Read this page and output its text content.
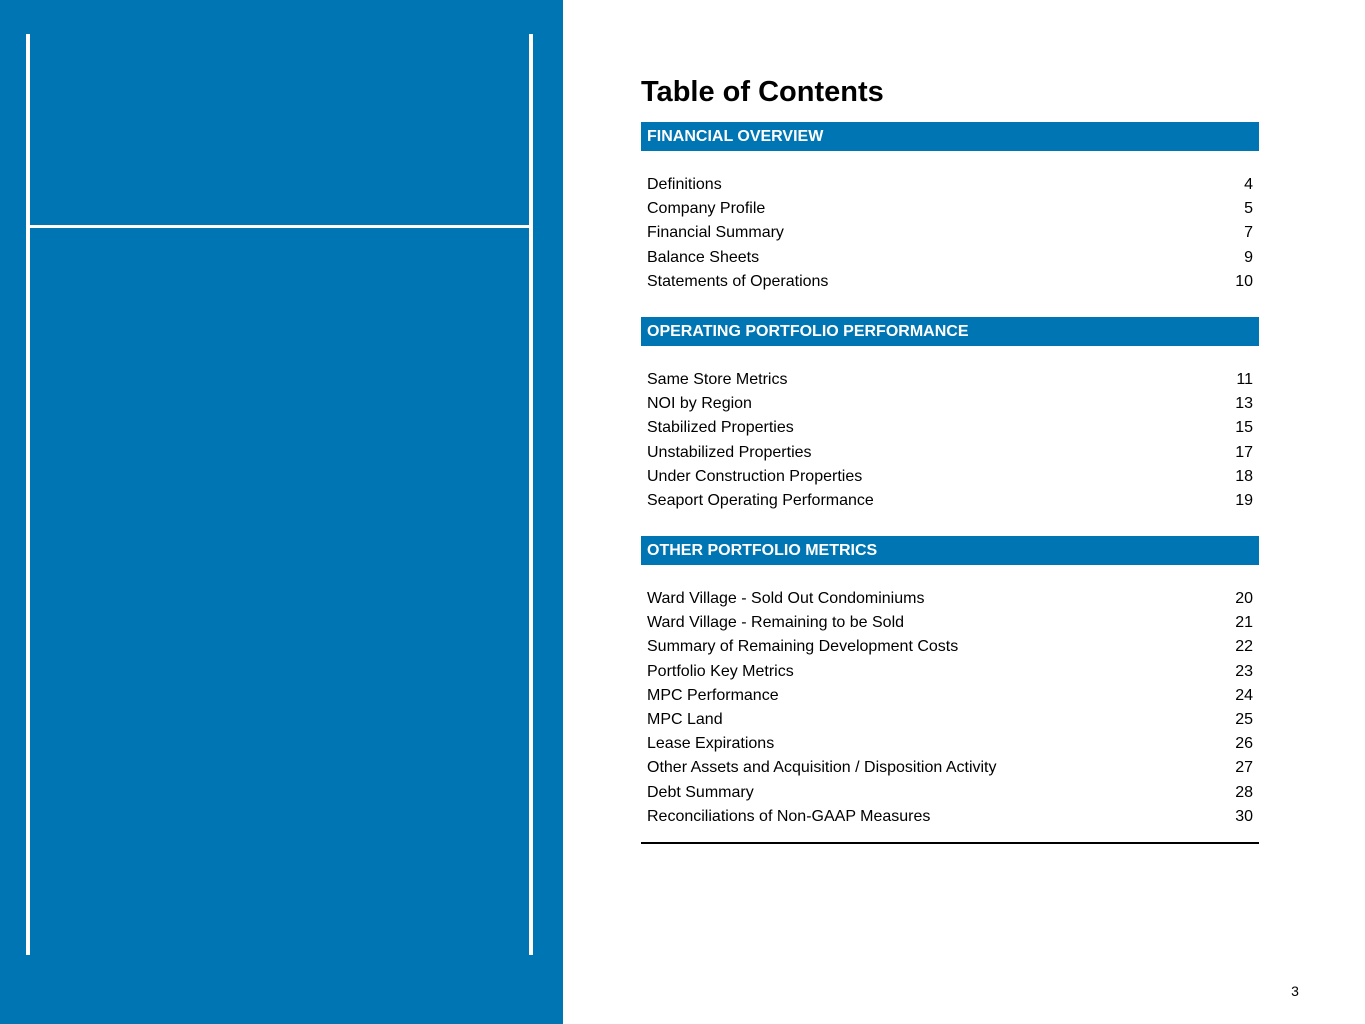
Table of Contents
FINANCIAL OVERVIEW
Definitions	4
Company Profile	5
Financial Summary	7
Balance Sheets	9
Statements of Operations	10
OPERATING PORTFOLIO PERFORMANCE
Same Store Metrics	11
NOI by Region	13
Stabilized Properties	15
Unstabilized Properties	17
Under Construction Properties	18
Seaport Operating Performance	19
OTHER PORTFOLIO METRICS
Ward Village - Sold Out Condominiums	20
Ward Village - Remaining to be Sold	21
Summary of Remaining Development Costs	22
Portfolio Key Metrics	23
MPC Performance	24
MPC Land	25
Lease Expirations	26
Other Assets and Acquisition / Disposition Activity	27
Debt Summary	28
Reconciliations of Non-GAAP Measures	30
3
